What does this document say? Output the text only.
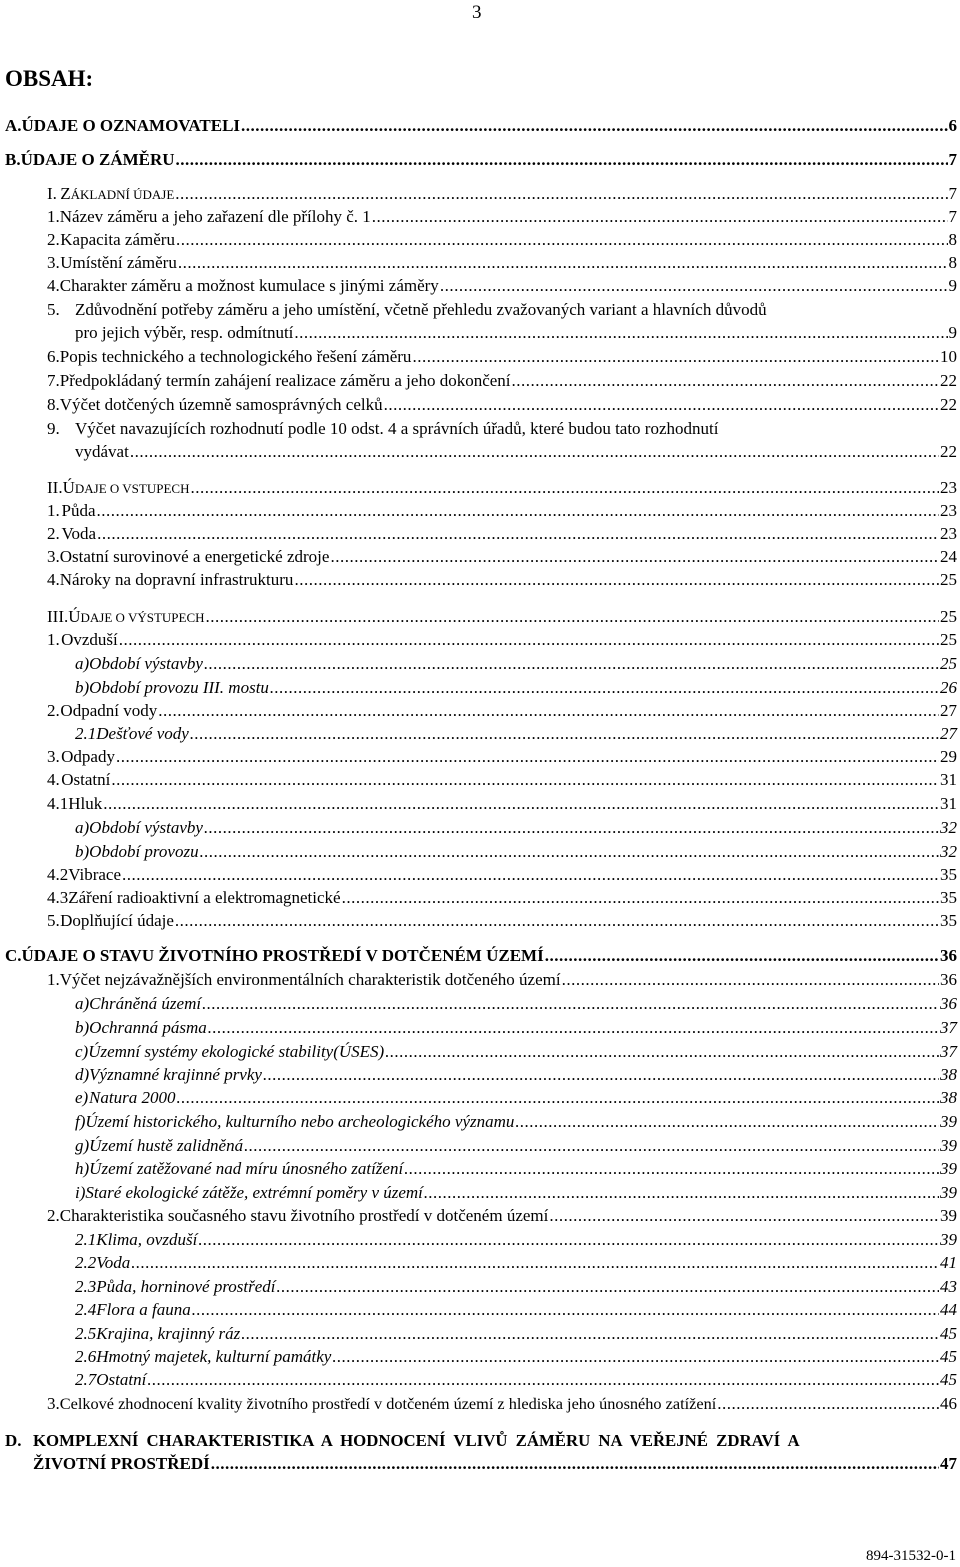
3
OBSAH:
A. ÚDAJE O OZNAMOVATELI .....	6
B. ÚDAJE O ZÁMĚRU .....	7
I. ZÁKLADNÍ ÚDAJE .....	7
1. Název záměru a jeho zařazení dle přílohy č. 1 .....	7
2. Kapacita záměru .....	8
3. Umístění záměru .....	8
4. Charakter záměru a možnost kumulace s jinými záměry .....	9
5. Zdůvodnění potřeby záměru a jeho umístění, včetně přehledu zvažovaných variant a hlavních důvodů
pro jejich výběr, resp. odmítnutí .....	9
6. Popis technického a technologického řešení záměru .....	10
7. Předpokládaný termín zahájení realizace záměru a jeho dokončení .....	22
8. Výčet dotčených územně samosprávných celků .....	22
9. Výčet navazujících rozhodnutí podle 10 odst. 4 a správních úřadů, které budou tato rozhodnutí
vydávat .....	22
II. ÚDAJE O VSTUPECH .....	23
1. Půda .....	23
2. Voda .....	23
3. Ostatní surovinové a energetické zdroje .....	24
4. Nároky na dopravní infrastrukturu .....	25
III. ÚDAJE O VÝSTUPECH .....	25
1. Ovzduší .....	25
a) Období výstavby .....	25
b) Období provozu III. mostu .....	26
2. Odpadní vody .....	27
2.1 Dešťové vody .....	27
3. Odpady .....	29
4. Ostatní .....	31
4.1 Hluk .....	31
a) Období výstavby .....	32
b) Období provozu .....	32
4.2 Vibrace .....	35
4.3 Záření radioaktivní a elektromagnetické .....	35
5. Doplňující údaje .....	35
C. ÚDAJE O STAVU ŽIVOTNÍHO PROSTŘEDÍ V DOTČENÉM ÚZEMÍ .....	36
1. Výčet nejzávažnějších environmentálních charakteristik dotčeného území .....	36
a) Chráněná území .....	36
b) Ochranná pásma .....	37
c) Územní systémy ekologické stability(ÚSES) .....	37
d) Významné krajinné prvky .....	38
e) Natura 2000 .....	38
f) Území historického, kulturního nebo archeologického významu .....	39
g) Území hustě zalidněná .....	39
h) Území zatěžované nad míru únosného zatížení .....	39
i) Staré ekologické zátěže, extrémní poměry v území .....	39
2. Charakteristika současného stavu životního prostředí v dotčeném území .....	39
2.1 Klima, ovzduší .....	39
2.2 Voda .....	41
2.3 Půda, horninové prostředí .....	43
2.4 Flora a fauna .....	44
2.5 Krajina, krajinný ráz .....	45
2.6 Hmotný majetek, kulturní památky .....	45
2.7 Ostatní .....	45
3. Celkové zhodnocení kvality životního prostředí v dotčeném území z hlediska jeho únosného zatížení .....	46
D. KOMPLEXNÍ CHARAKTERISTIKA A HODNOCENÍ VLIVŮ ZÁMĚRU NA VEŘEJNÉ ZDRAVÍ A
ŽIVOTNÍ PROSTŘEDÍ .....	47
894-31532-0-1
